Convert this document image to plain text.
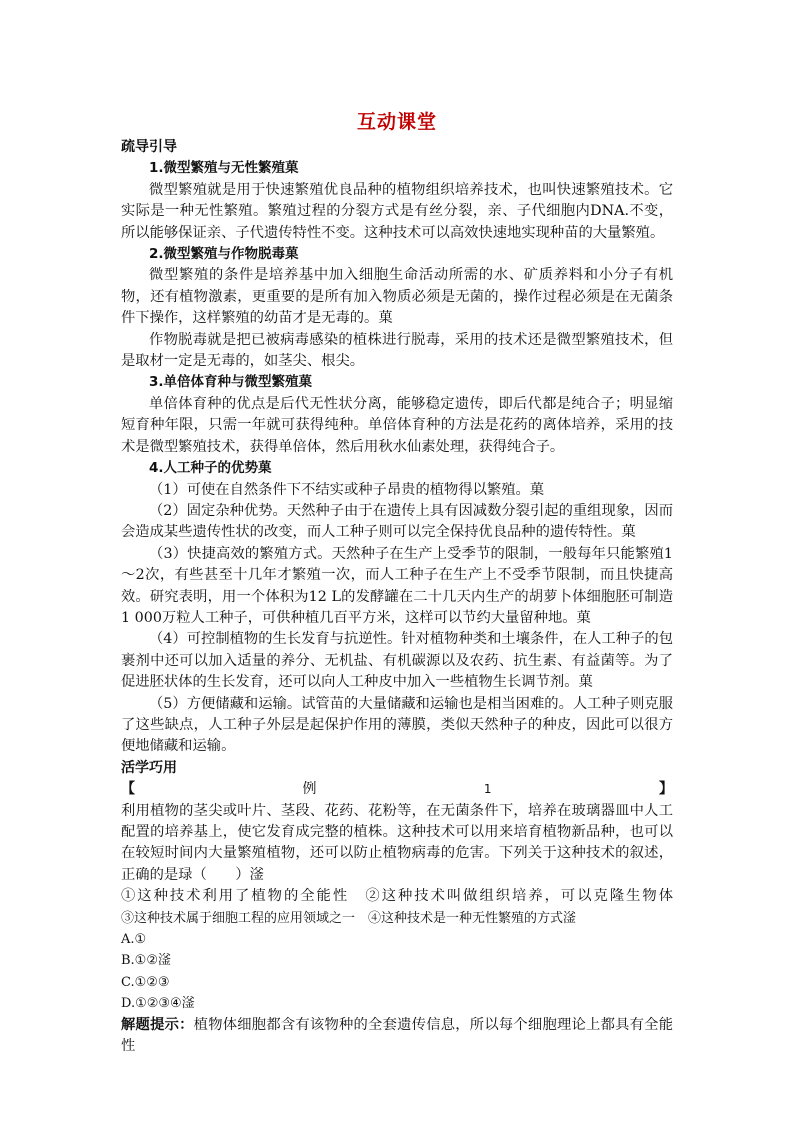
互动课堂

疏导引导

1.微型繁殖与无性繁殖菓

微型繁殖就是用于快速繁殖优良品种的植物组织培养技术，也叫快速繁殖技术。它实际是一种无性繁殖。繁殖过程的分裂方式是有丝分裂，亲、子代细胞内DNA.不变，所以能够保证亲、子代遗传特性不变。这种技术可以高效快速地实现种苗的大量繁殖。

2.微型繁殖与作物脱毒菓

微型繁殖的条件是培养基中加入细胞生命活动所需的水、矿质养料和小分子有机物，还有植物激素，更重要的是所有加入物质必须是无菌的，操作过程必须是在无菌条件下操作，这样繁殖的幼苗才是无毒的。菓

作物脱毒就是把已被病毒感染的植株进行脱毒，采用的技术还是微型繁殖技术，但是取材一定是无毒的，如茎尖、根尖。

3.单倍体育种与微型繁殖菓

单倍体育种的优点是后代无性状分离，能够稳定遗传，即后代都是纯合子；明显缩短育种年限，只需一年就可获得纯种。单倍体育种的方法是花药的离体培养，采用的技术是微型繁殖技术，获得单倍体，然后用秋水仙素处理，获得纯合子。

4.人工种子的优势菓

（1）可使在自然条件下不结实或种子昂贵的植物得以繁殖。菓

（2）固定杂种优势。天然种子由于在遗传上具有因减数分裂引起的重组现象，因而会造成某些遗传性状的改变，而人工种子则可以完全保持优良品种的遗传特性。菓

（3）快捷高效的繁殖方式。天然种子在生产上受季节的限制，一般每年只能繁殖1～2次，有些甚至十几年才繁殖一次，而人工种子在生产上不受季节限制，而且快捷高效。研究表明，用一个体积为12 L的发酵罐在二十几天内生产的胡萝卜体细胞胚可制造1 000万粒人工种子，可供种植几百平方米，这样可以节约大量留种地。菓

（4）可控制植物的生长发育与抗逆性。针对植物种类和土壤条件，在人工种子的包裹剂中还可以加入适量的养分、无机盐、有机碳源以及农药、抗生素、有益菌等。为了促进胚状体的生长发育，还可以向人工种皮中加入一些植物生长调节剂。菓

（5）方便储藏和运输。试管苗的大量储藏和运输也是相当困难的。人工种子则克服了这些缺点，人工种子外层是起保护作用的薄膜，类似天然种子的种皮，因此可以很方便地储藏和运输。

活学巧用

【	例	1	】

利用植物的茎尖或叶片、茎段、花药、花粉等，在无菌条件下，培养在玻璃器皿中人工配置的培养基上，使它发育成完整的植株。这种技术可以用来培育植物新品种，也可以在较短时间内大量繁殖植物，还可以防止植物病毒的危害。下列关于这种技术的叙述，正确的是琭（　　）滏

①这种技术利用了植物的全能性　②这种技术叫做组织培养，可以克隆生物体

③这种技术属于细胞工程的应用领域之一　④这种技术是一种无性繁殖的方式滏

A.①

B.①②滏

C.①②③

D.①②③④滏

解题提示：植物体细胞都含有该物种的全套遗传信息，所以每个细胞理论上都具有全能性
